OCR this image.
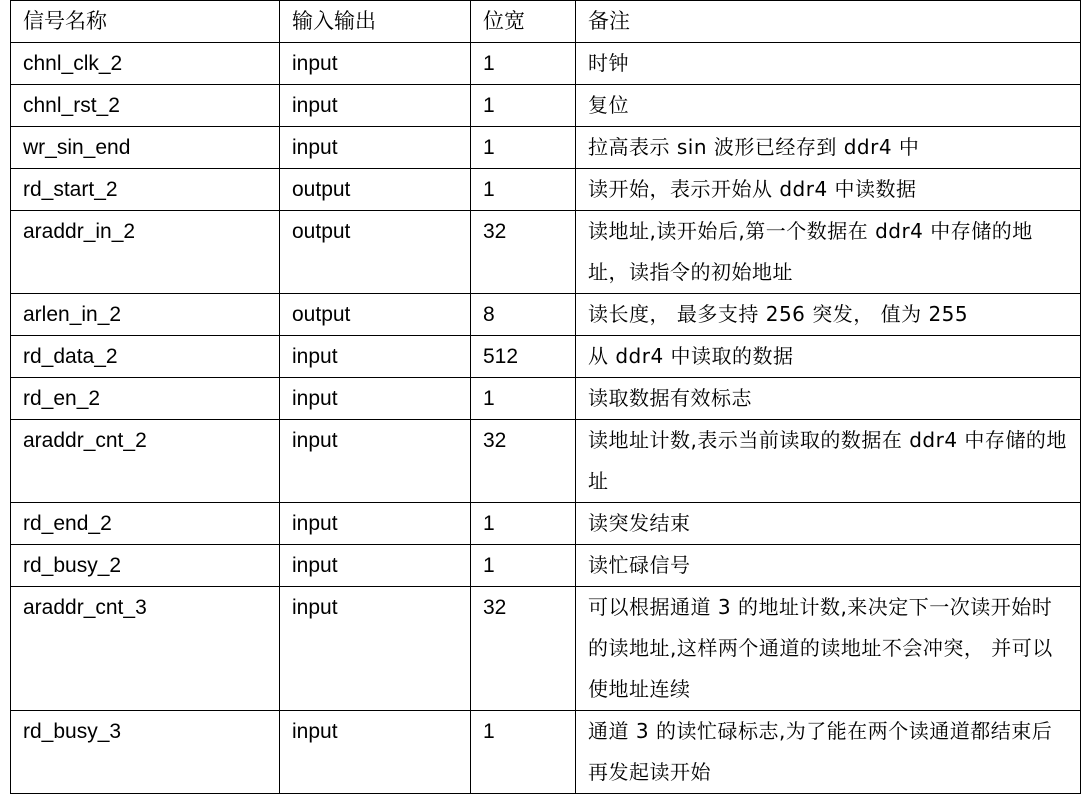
信号名称	输入输出	位宽	备注
chnl_clk_2	input	1	时钟
chnl_rst_2	input	1	复位
wr_sin_end	input	1	拉高表示 sin 波形已经存到 ddr4 中
rd_start_2	output	1	读开始，表示开始从 ddr4 中读数据
araddr_in_2	output	32	读地址,读开始后,第一个数据在 ddr4 中存储的地址，读指令的初始地址
arlen_in_2	output	8	读长度， 最多支持 256 突发， 值为 255
rd_data_2	input	512	从 ddr4 中读取的数据
rd_en_2	input	1	读取数据有效标志
araddr_cnt_2	input	32	读地址计数,表示当前读取的数据在 ddr4 中存储的地址
rd_end_2	input	1	读突发结束
rd_busy_2	input	1	读忙碌信号
araddr_cnt_3	input	32	可以根据通道 3 的地址计数,来决定下一次读开始时的读地址,这样两个通道的读地址不会冲突， 并可以使地址连续
rd_busy_3	input	1	通道 3 的读忙碌标志,为了能在两个读通道都结束后再发起读开始
